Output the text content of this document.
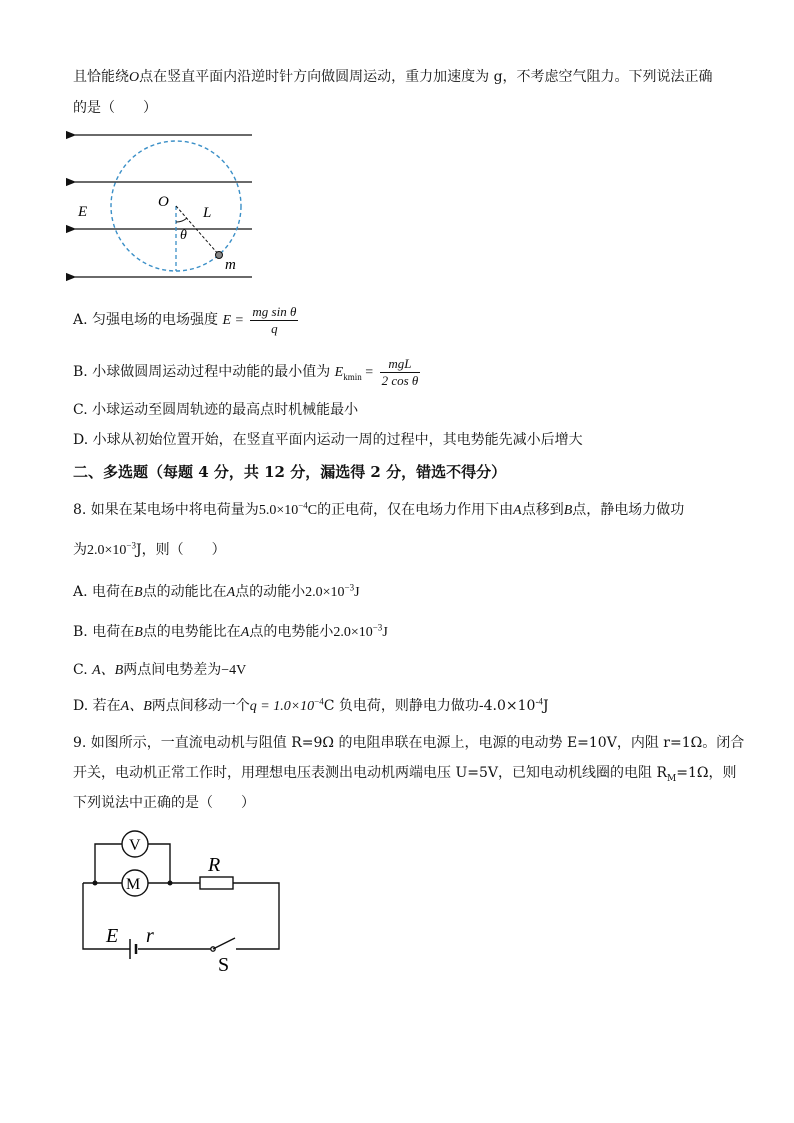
且恰能绕O点在竖直平面内沿逆时针方向做圆周运动，重力加速度为 g，不考虑空气阻力。下列说法正确
的是（　　）
E
O
L
θ
m
A. 匀强电场的电场强度 $E = \frac{\text{mg sin θ}}{q}$
B. 小球做圆周运动过程中动能的最小值为 $E_{kmin} = \frac{\text{mgL}}{\text{2 cos θ}}$
C. 小球运动至圆周轨迹的最高点时机械能最小
D. 小球从初始位置开始，在竖直平面内运动一周的过程中，其电势能先减小后增大
二、多选题（每题 4 分，共 12 分，漏选得 2 分，错选不得分）
8. 如果在某电场中将电荷量为$5.0\times 10^{-4}C$的正电荷，仅在电场力作用下由A点移到B点，静电场力做功
为$2.0\times 10^{-3}J$，则（　　）
A. 电荷在B点的动能比在A点的动能小$2.0\times 10^{-3}J$
B. 电荷在B点的电势能比在A点的电势能小$2.0\times 10^{-3}J$
C. A、B两点间电势差为−4V
D. 若在A、B两点间移动一个$q = 1.0\times 10^{-4}C$ 负电荷，则静电力做功$-4.0\times 10^{-4}J$
9. 如图所示，一直流电动机与阻值 R=9Ω 的电阻串联在电源上，电源的电动势 E=10V，内阻 r=1Ω。闭合
开关，电动机正常工作时，用理想电压表测出电动机两端电压 U=5V，已知电动机线圈的电阻 $R_M=1\Omega$，则
下列说法中正确的是（　　）
V
M
R
S
E r
